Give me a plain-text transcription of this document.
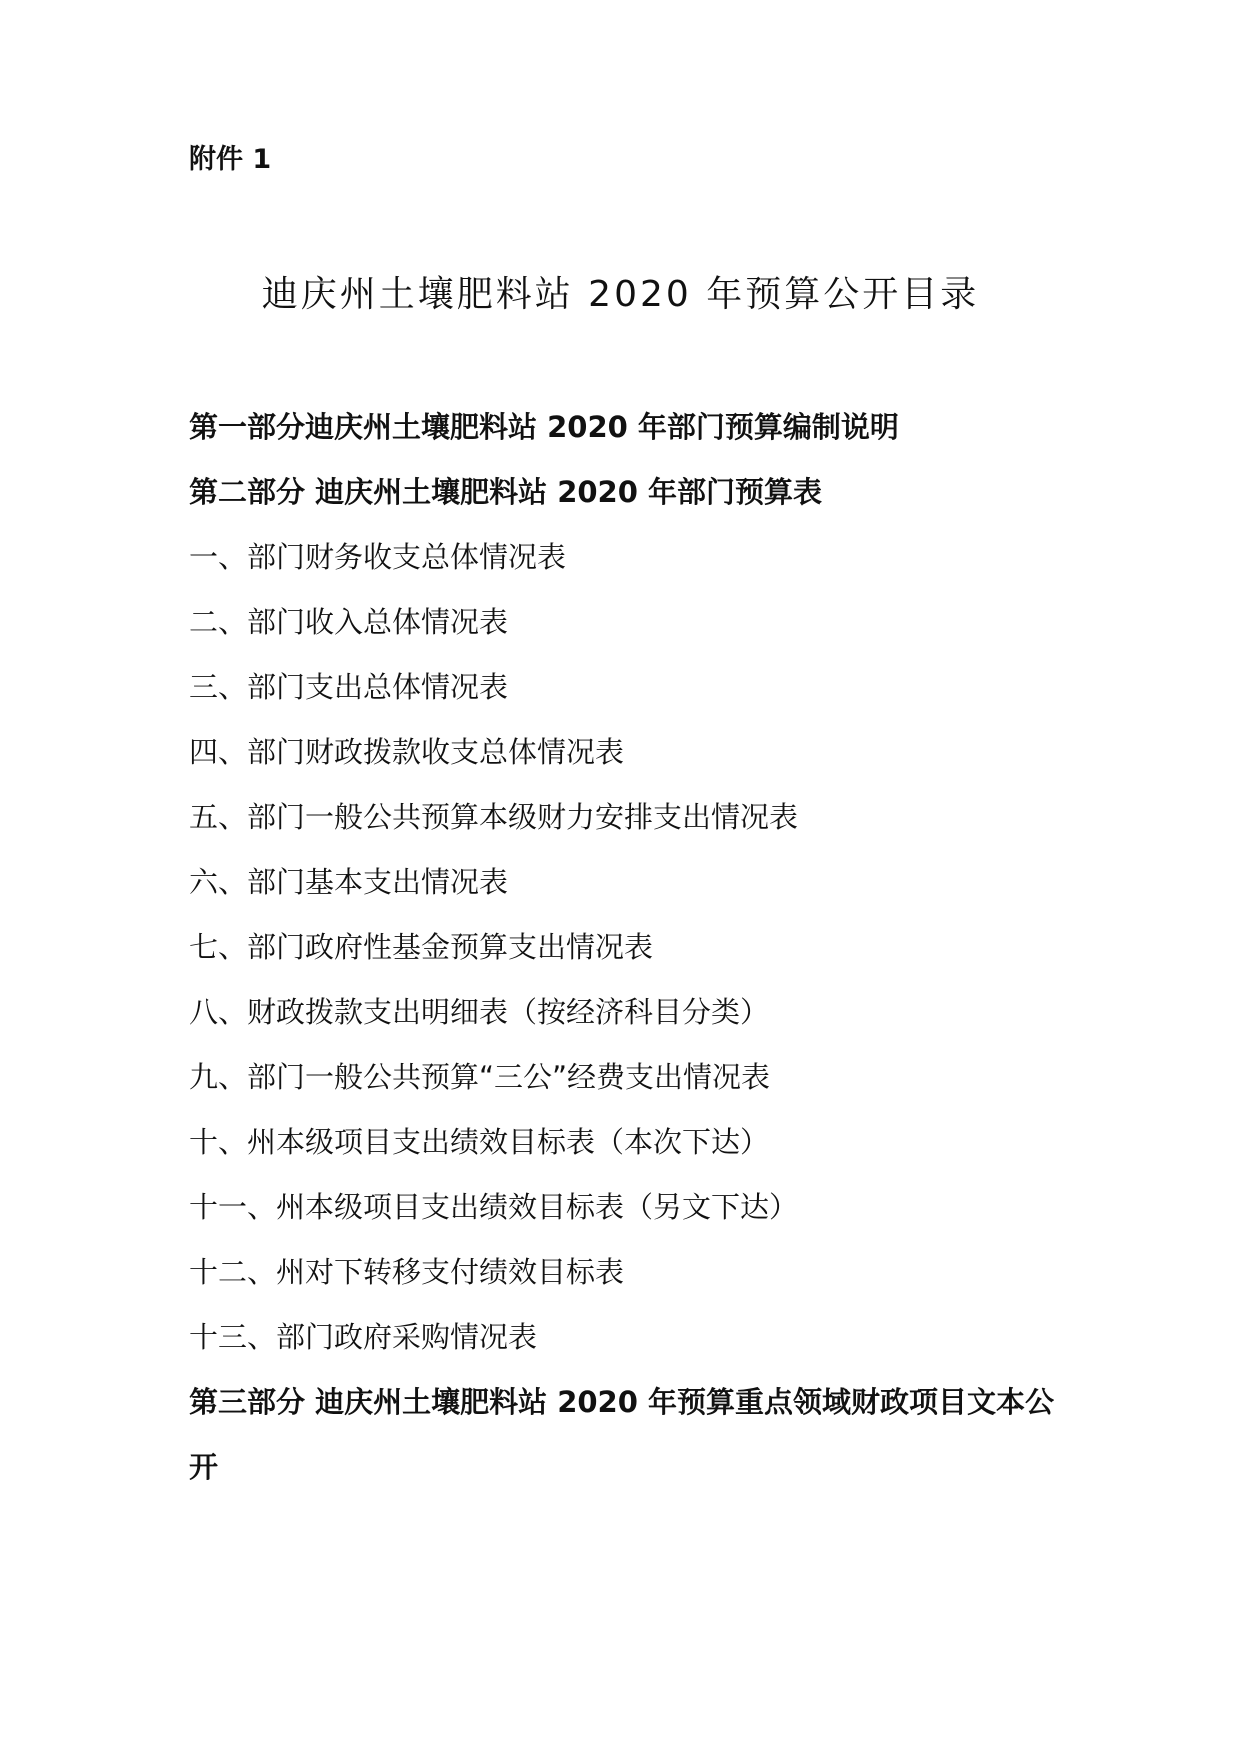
附件 1

迪庆州土壤肥料站 2020 年预算公开目录
第一部分迪庆州土壤肥料站 2020 年部门预算编制说明
第二部分 迪庆州土壤肥料站 2020 年部门预算表
一、部门财务收支总体情况表
二、部门收入总体情况表
三、部门支出总体情况表
四、部门财政拨款收支总体情况表
五、部门一般公共预算本级财力安排支出情况表
六、部门基本支出情况表
七、部门政府性基金预算支出情况表
八、财政拨款支出明细表（按经济科目分类）
九、部门一般公共预算“三公”经费支出情况表
十、州本级项目支出绩效目标表（本次下达）
十一、州本级项目支出绩效目标表（另文下达）
十二、州对下转移支付绩效目标表
十三、部门政府采购情况表
第三部分 迪庆州土壤肥料站 2020 年预算重点领域财政项目文本公开
